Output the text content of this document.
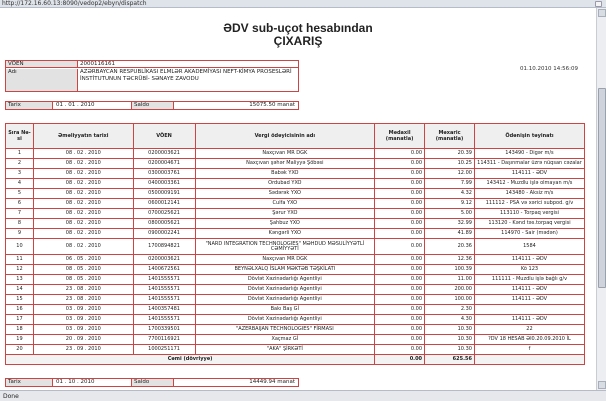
http://172.16.60.13:8090/vedop2/ebyn/dispatch
ƏDV sub-uçot hesabından
ÇIXARIŞ
VÖEN	2000116161
Adı	AZƏRBAYCAN RESPUBLİKASI ELMLƏR AKADEMİYASI NEFT-KİMYA PROSESLƏRİ İNSTİTUTUNUN TƏCRÜBİ- SƏNAYE ZAVODU
01.10.2010 14:56:09
Tarix	01 . 01 . 2010	Saldo	15075.50 manat
Sıra Nə-si	Əməliyyatın tarixi	VÖEN	Vergi ödəyicisinin adı	Mədaxil (manatla)	Məxaric (manatla)	Ödənişin təyinatı
1	08 . 02 . 2010	0200003621	Naxçıvan MR DGK	0.00	20.39	143490 - Digər m/s
2	08 . 02 . 2010	0200004671	Naxçıvan şəhər Maliyyə Şöbəsi	0.00	10.25	114311 - Daşınmalar üzrə nüqsan cəzalar
3	08 . 02 . 2010	0300003761	Babək YXO	0.00	12.00	114111 - ƏDV
4	08 . 02 . 2010	0400003361	Ordubad YXO	0.00	7.99	143412 - Muzdlu işlə olmayan m/s
5	08 . 02 . 2010	0500009191	Sədərək YXO	0.00	4.32	143480 - Aksiz m/s
6	08 . 02 . 2010	0600012141	Culfa YXO	0.00	9.12	111112 - PSA və xərici subpod. g/v
7	08 . 02 . 2010	0700025621	Şərur YXO	0.00	5.00	113110 - Torpaq vergisi
8	08 . 02 . 2010	0800005621	Şahbuz YXO	0.00	32.99	113120 - Kənd təs.torpaq vergisi
9	08 . 02 . 2010	0900002241	Kəngərli YXO	0.00	41.89	114970 - Sair (mədən)
10	08 . 02 . 2010	1700894821	"NARD INTEGRATION TECHNOLOGIES" MƏHDUD MƏSULİYYƏTLİ CƏMİYYƏTİ	0.00	20.36	1584
11	06 . 05 . 2010	0200003621	Naxçıvan MR DGK	0.00	12.36	114111 - ƏDV
12	08 . 05 . 2010	1400672561	BEYNƏLXALQ İSLAM MƏKTƏB TƏŞKİLATI	0.00	100.39	Kö 123
13	08 . 05 . 2010	1401555571	Dövlət Xəzinədarlığı Agentliyi	0.00	11.00	111111 - Muzdlu işlə bağlı g/v
14	23 . 08 . 2010	1401555571	Dövlət Xəzinədarlığı Agentliyi	0.00	200.00	114111 - ƏDV
15	23 . 08 . 2010	1401555571	Dövlət Xəzinədarlığı Agentliyi	0.00	100.00	114111 - ƏDV
16	03 . 09 . 2010	1400357481	Bakı Baş Gİ	0.00	2.30	
17	03 . 09 . 2010	1401555571	Dövlət Xəzinədarlığı Agentliyi	0.00	4.30	114111 - ƏDV
18	03 . 09 . 2010	1700339501	"AZERBAIJAN TECHNOLOGIES" FİRMASI	0.00	10.30	22
19	20 . 09 . 2010	7700116921	Xaçmaz Gİ	0.00	10.30	?DV 18 HESAB ƏI0.20.09.2010 İL
20	23 . 09 . 2010	1000251171	"AKA" ŞİRKƏTİ	0.00	10.30	f
Cəmi (dövriyyə)				0.00	625.56	
Tarix	01 . 10 . 2010	Saldo	14449.94 manat
Done
